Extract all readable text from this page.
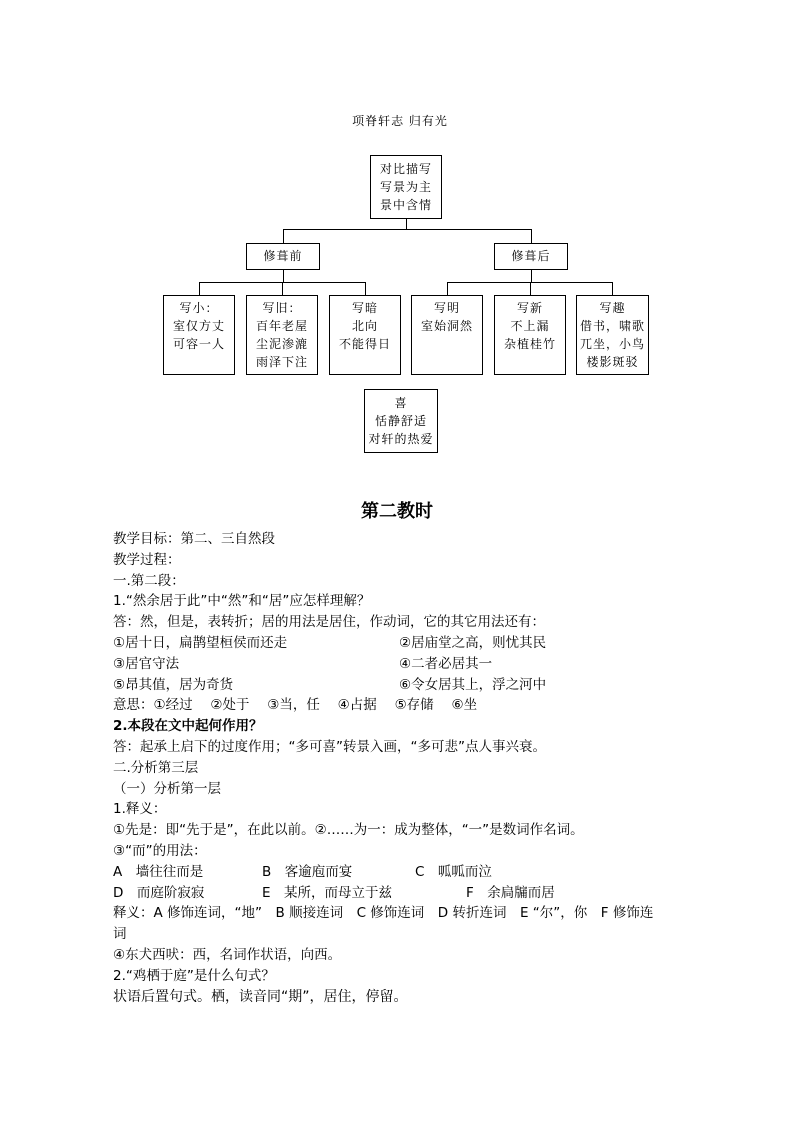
项脊轩志 归有光
对比描写
写景为主
景中含情
修葺前	修葺后
写小：
室仅方丈
可容一人
写旧：
百年老屋
尘泥渗漉
雨泽下注
写暗
北向
不能得日
写明
室始洞然
写新
不上漏
杂植桂竹
写趣
借书，啸歌
兀坐，小鸟
楼影斑驳
喜
恬静舒适
对轩的热爱
第二教时
教学目标：第二、三自然段
教学过程：
一.第二段：
1.“然余居于此”中“然”和“居”应怎样理解？
答：然，但是，表转折；居的用法是居住，作动词，它的其它用法还有：
①居十日，扁鹊望桓侯而还走	②居庙堂之高，则忧其民
③居官守法	④二者必居其一
⑤昂其值，居为奇货	⑥令女居其上，浮之河中
意思：①经过　 ②处于　 ③当，任　 ④占据　 ⑤存储　 ⑥坐
2.本段在文中起何作用？
答：起承上启下的过度作用；“多可喜”转景入画，“多可悲”点人事兴衰。
二.分析第三层
（一）分析第一层
1.释义：
①先是：即“先于是”，在此以前。②……为一：成为整体，“一”是数词作名词。
③“而”的用法：
A　墙往往而是	B　客逾庖而宴	C　呱呱而泣
D　而庭阶寂寂	E　某所，而母立于兹	F　余扃牖而居
释义：A 修饰连词，“地”　B 顺接连词　C 修饰连词　D 转折连词　E “尔”，你　F 修饰连
词
④东犬西吠：西，名词作状语，向西。
2.“鸡栖于庭”是什么句式？
状语后置句式。栖，读音同“期”，居住，停留。
